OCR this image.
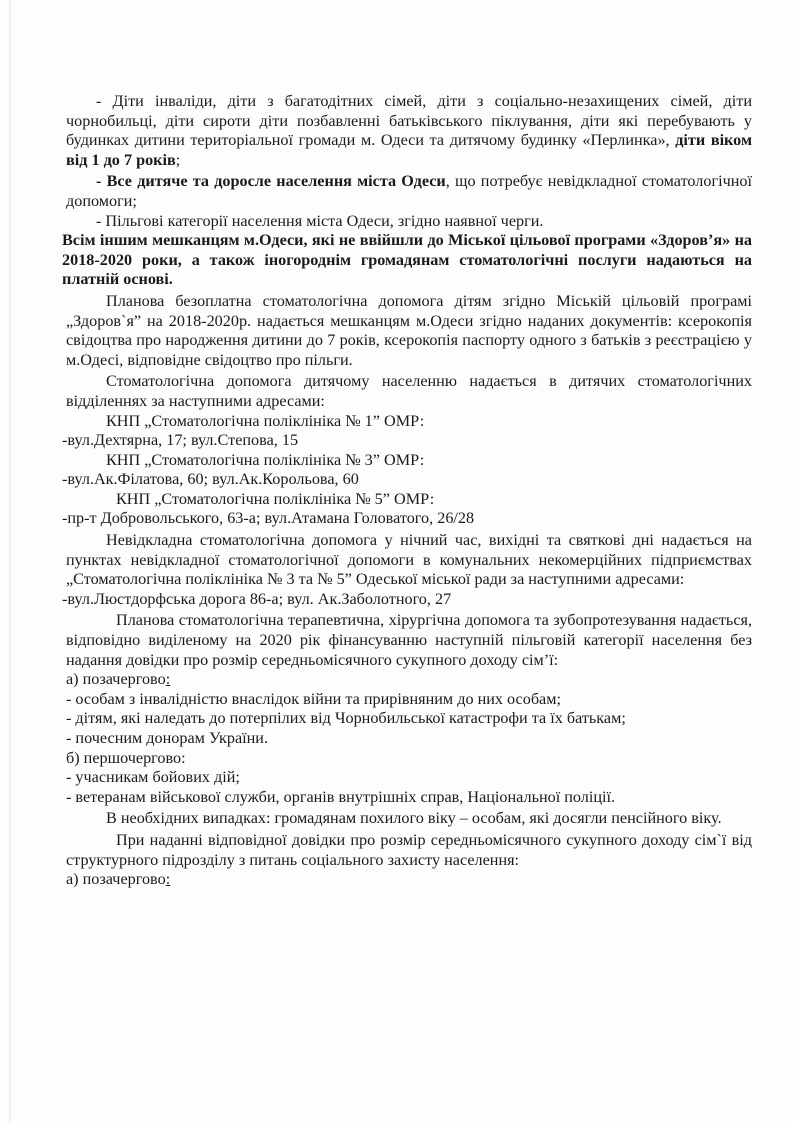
- Діти інваліди, діти з багатодітних сімей, діти з соціально-незахищених сімей, діти чорнобильці, діти сироти діти позбавленні батьківського піклування, діти які перебувають у будинках дитини територіальної громади м. Одеси та дитячому будинку «Перлинка», діти віком від 1 до 7 років;

- Все дитяче та доросле населення міста Одеси, що потребує невідкладної стоматологічної допомоги;

- Пільгові категорії населення міста Одеси, згідно наявної черги.

Всім іншим мешканцям м.Одеси, які не ввійшли до Міської цільової програми «Здоров’я» на 2018-2020 роки, а також іногороднім громадянам стоматологічні послуги надаються на платній основі.

Планова безоплатна стоматологічна допомога дітям згідно Міській цільовій програмі „Здоров`я” на 2018-2020р. надається мешканцям м.Одеси згідно наданих документів: ксерокопія свідоцтва про народження дитини до 7 років, ксерокопія паспорту одного з батьків з реєстрацією у м.Одесі, відповідне свідоцтво про пільги.

Стоматологічна допомога дитячому населенню надається в дитячих стоматологічних відділеннях за наступними адресами:

КНП „Стоматологічна поліклініка № 1” ОМР:

-вул.Дехтярна, 17; вул.Степова, 15

КНП „Стоматологічна поліклініка № 3” ОМР:

-вул.Ак.Філатова, 60; вул.Ак.Корольова, 60

КНП „Стоматологічна поліклініка № 5” ОМР:

-пр-т Добровольського, 63-а; вул.Атамана Головатого, 26/28

Невідкладна стоматологічна допомога у нічний час, вихідні та святкові дні надається на пунктах невідкладної стоматологічної допомоги в комунальних некомерційних підприємствах „Стоматологічна поліклініка № 3 та № 5” Одеської міської ради за наступними адресами:

-вул.Люстдорфська дорога 86-а; вул. Ак.Заболотного, 27

Планова стоматологічна терапевтична, хірургічна допомога та зубопротезування надається, відповідно виділеному на 2020 рік фінансуванню наступній пільговій категорії населення без надання довідки про розмір середньомісячного сукупного доходу сім’ї:

а) позачергово:

- особам з інвалідністю внаслідок війни та прирівняним до них особам;

- дітям, які наледать до потерпілих від Чорнобильської катастрофи та їх батькам;

- почесним донорам України.

б) першочергово:

- учасникам бойових дій;

- ветеранам військової служби, органів внутрішніх справ, Національної поліції.

В необхідних випадках: громадянам похилого віку – особам, які досягли пенсійного віку.

При наданні відповідної довідки про розмір середньомісячного сукупного доходу сім`ї від структурного підрозділу з питань соціального захисту населення:

а) позачергово:
